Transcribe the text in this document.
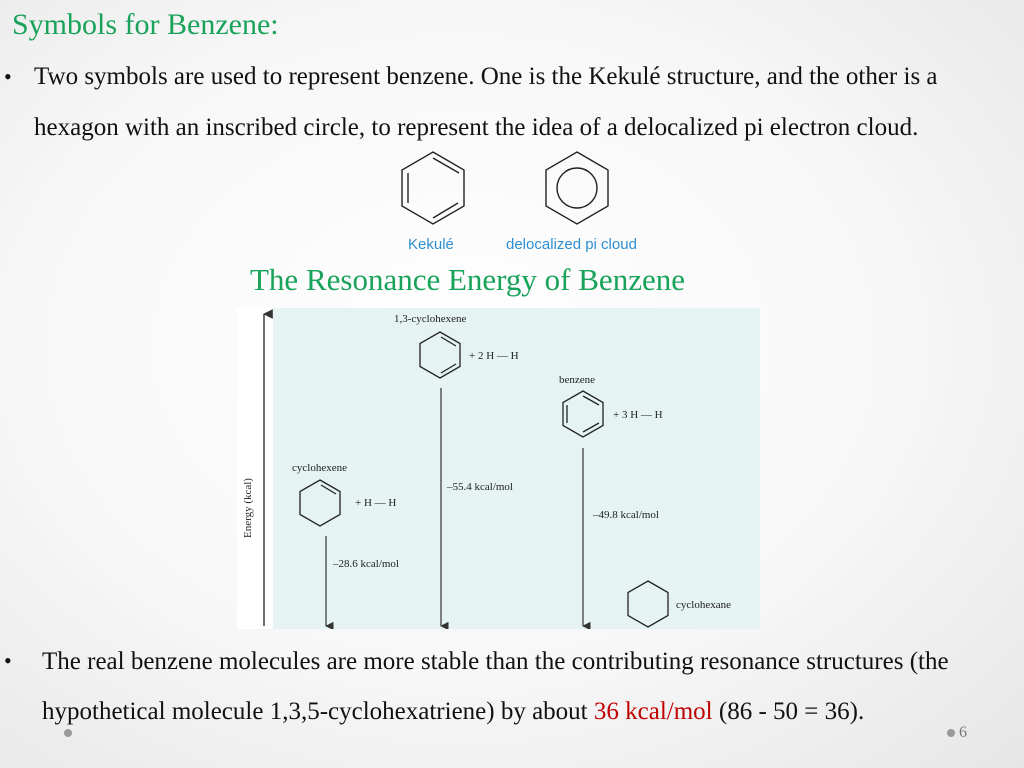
Symbols for Benzene:
• Two symbols are used to represent benzene. One is the Kekulé structure, and the other is a hexagon with an inscribed circle, to represent the idea of a delocalized pi electron cloud.
Kekulé	delocalized pi cloud
The Resonance Energy of Benzene
Energy (kcal)
1,3-cyclohexene
+ 2 H — H
–55.4 kcal/mol
benzene
+ 3 H — H
–49.8 kcal/mol
cyclohexene
+ H — H
–28.6 kcal/mol
cyclohexane
• The real benzene molecules are more stable than the contributing resonance structures (the hypothetical molecule 1,3,5-cyclohexatriene) by about 36 kcal/mol (86 - 50 = 36).
6
